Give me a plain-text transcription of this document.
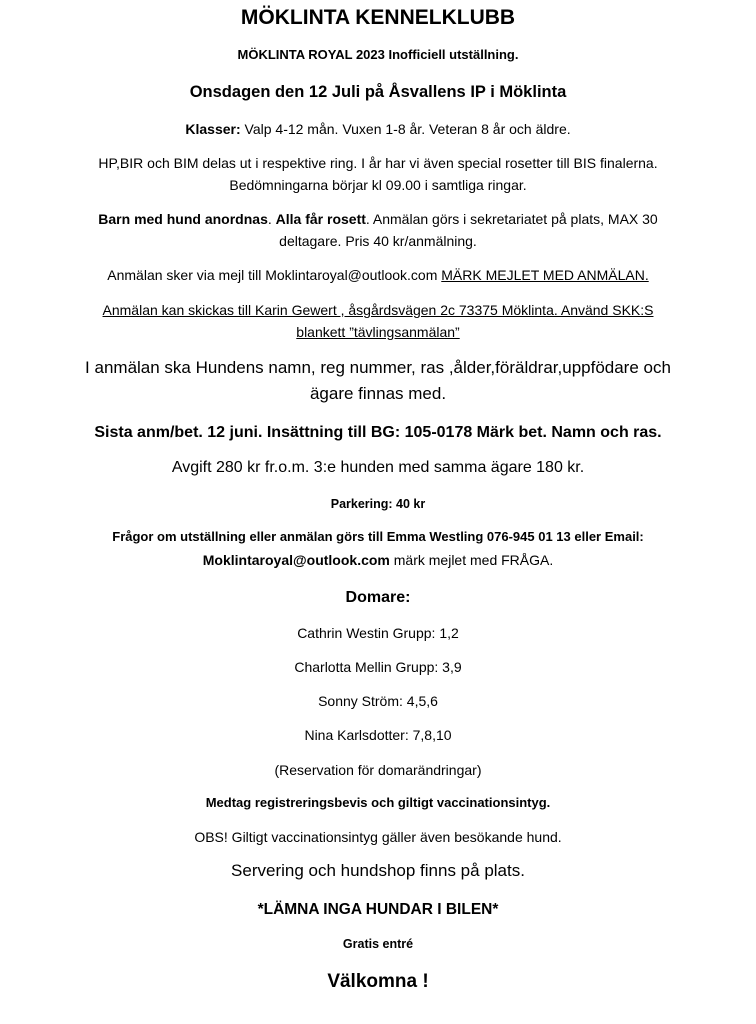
MÖKLINTA KENNELKLUBB
MÖKLINTA ROYAL 2023 Inofficiell utställning.
Onsdagen den 12 Juli på Åsvallens IP i Möklinta
Klasser: Valp 4-12 mån. Vuxen 1-8 år. Veteran 8 år och äldre.
HP,BIR och BIM delas ut i respektive ring. I år har vi även special rosetter till BIS finalerna.
Bedömningarna börjar kl 09.00 i samtliga ringar.
Barn med hund anordnas. Alla får rosett. Anmälan görs i sekretariatet på plats, MAX 30
deltagare. Pris 40 kr/anmälning.
Anmälan sker via mejl till Moklintaroyal@outlook.com MÄRK MEJLET MED ANMÄLAN.
Anmälan kan skickas till Karin Gewert , åsgårdsvägen 2c 73375 Möklinta. Använd SKK:S
blankett ”tävlingsanmälan”
I anmälan ska Hundens namn, reg nummer, ras ,ålder,föräldrar,uppfödare och
ägare finnas med.
Sista anm/bet. 12 juni. Insättning till BG: 105-0178 Märk bet. Namn och ras.
Avgift 280 kr fr.o.m. 3:e hunden med samma ägare 180 kr.
Parkering: 40 kr
Frågor om utställning eller anmälan görs till Emma Westling 076-945 01 13 eller Email:
Moklintaroyal@outlook.com märk mejlet med FRÅGA.
Domare:
Cathrin Westin Grupp: 1,2
Charlotta Mellin Grupp: 3,9
Sonny Ström: 4,5,6
Nina Karlsdotter: 7,8,10
(Reservation för domarändringar)
Medtag registreringsbevis och giltigt vaccinationsintyg.
OBS! Giltigt vaccinationsintyg gäller även besökande hund.
Servering och hundshop finns på plats.
*LÄMNA INGA HUNDAR I BILEN*
Gratis entré
Välkomna !
